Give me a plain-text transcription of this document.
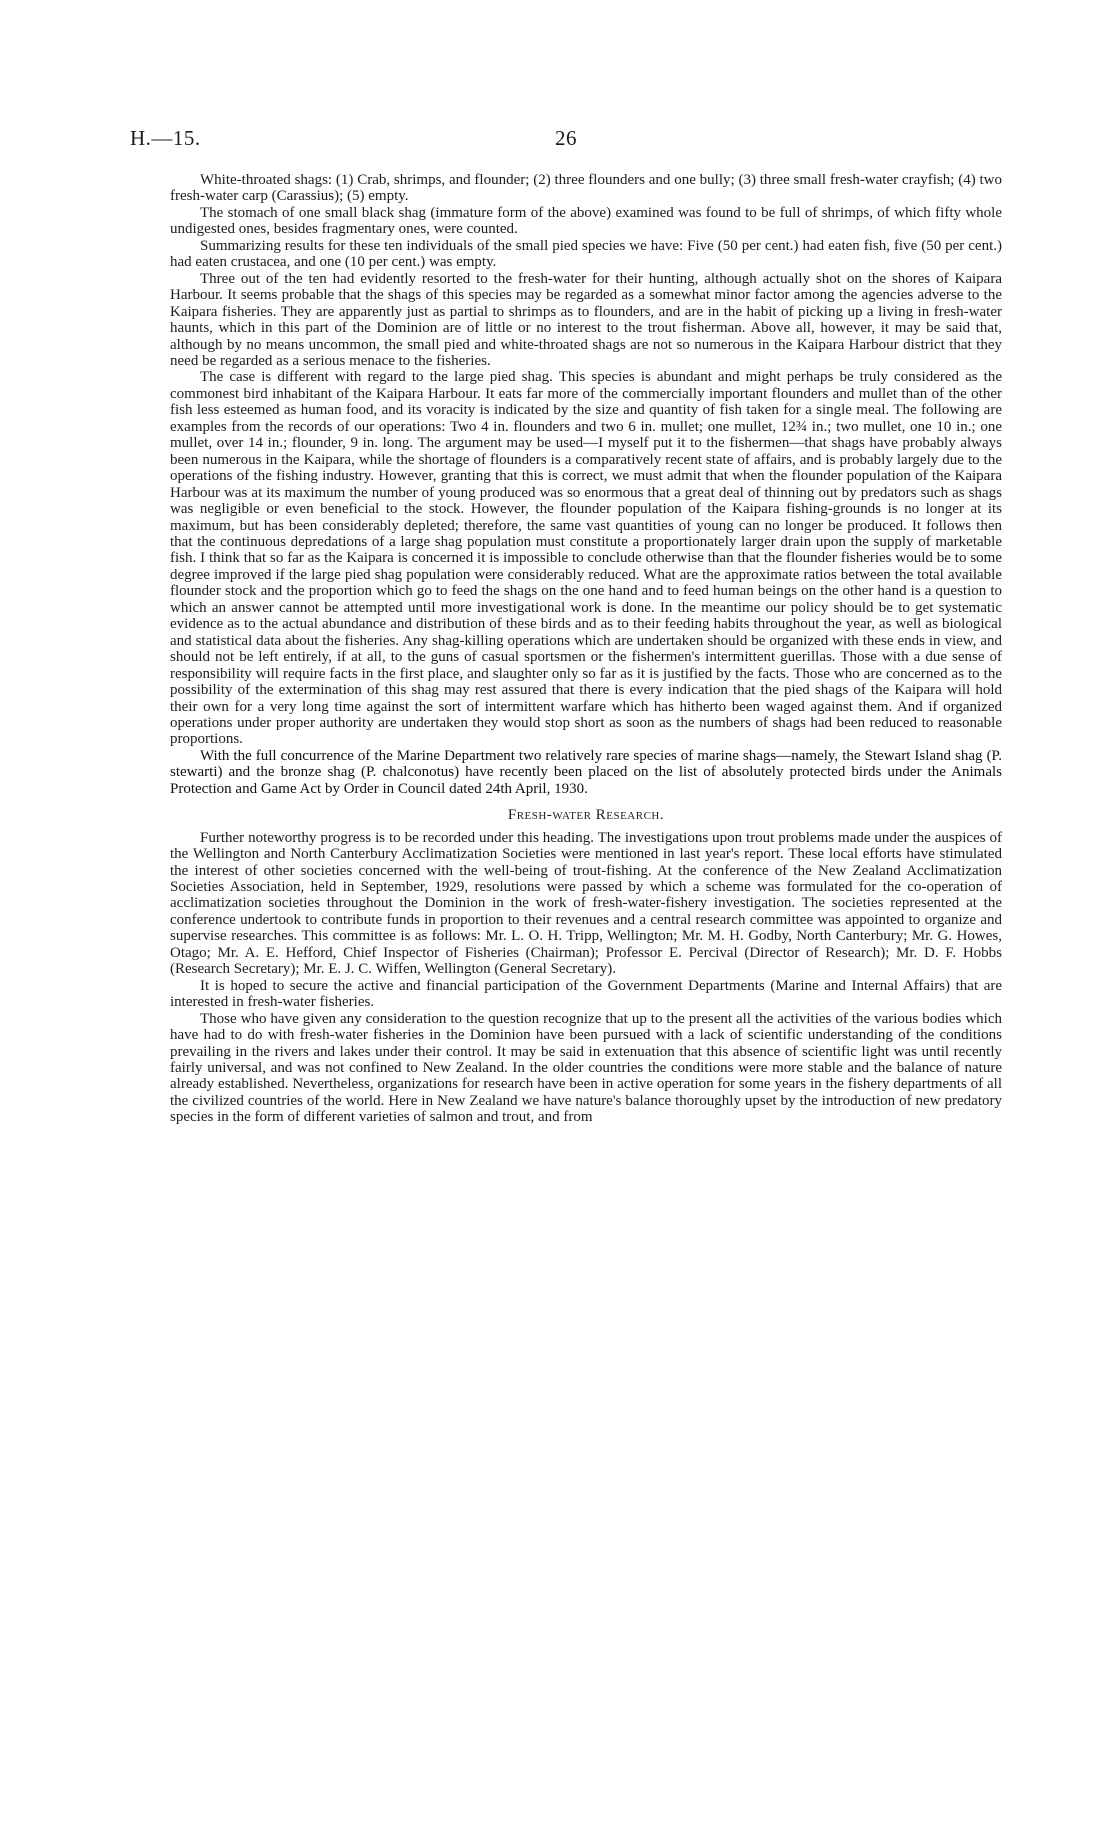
H.—15.	26

White-throated shags: (1) Crab, shrimps, and flounder; (2) three flounders and one bully; (3) three small fresh-water crayfish; (4) two fresh-water carp (Carassius); (5) empty.

The stomach of one small black shag (immature form of the above) examined was found to be full of shrimps, of which fifty whole undigested ones, besides fragmentary ones, were counted.

Summarizing results for these ten individuals of the small pied species we have: Five (50 per cent.) had eaten fish, five (50 per cent.) had eaten crustacea, and one (10 per cent.) was empty.

Three out of the ten had evidently resorted to the fresh-water for their hunting, although actually shot on the shores of Kaipara Harbour. It seems probable that the shags of this species may be regarded as a somewhat minor factor among the agencies adverse to the Kaipara fisheries. They are apparently just as partial to shrimps as to flounders, and are in the habit of picking up a living in fresh-water haunts, which in this part of the Dominion are of little or no interest to the trout fisherman. Above all, however, it may be said that, although by no means uncommon, the small pied and white-throated shags are not so numerous in the Kaipara Harbour district that they need be regarded as a serious menace to the fisheries.

The case is different with regard to the large pied shag. This species is abundant and might perhaps be truly considered as the commonest bird inhabitant of the Kaipara Harbour. It eats far more of the commercially important flounders and mullet than of the other fish less esteemed as human food, and its voracity is indicated by the size and quantity of fish taken for a single meal. The following are examples from the records of our operations: Two 4 in. flounders and two 6 in. mullet; one mullet, 12¾ in.; two mullet, one 10 in.; one mullet, over 14 in.; flounder, 9 in. long. The argument may be used—I myself put it to the fishermen—that shags have probably always been numerous in the Kaipara, while the shortage of flounders is a comparatively recent state of affairs, and is probably largely due to the operations of the fishing industry. However, granting that this is correct, we must admit that when the flounder population of the Kaipara Harbour was at its maximum the number of young produced was so enormous that a great deal of thinning out by predators such as shags was negligible or even beneficial to the stock. However, the flounder population of the Kaipara fishing-grounds is no longer at its maximum, but has been considerably depleted; therefore, the same vast quantities of young can no longer be produced. It follows then that the continuous depredations of a large shag population must constitute a proportionately larger drain upon the supply of marketable fish. I think that so far as the Kaipara is concerned it is impossible to conclude otherwise than that the flounder fisheries would be to some degree improved if the large pied shag population were considerably reduced. What are the approximate ratios between the total available flounder stock and the proportion which go to feed the shags on the one hand and to feed human beings on the other hand is a question to which an answer cannot be attempted until more investigational work is done. In the meantime our policy should be to get systematic evidence as to the actual abundance and distribution of these birds and as to their feeding habits throughout the year, as well as biological and statistical data about the fisheries. Any shag-killing operations which are undertaken should be organized with these ends in view, and should not be left entirely, if at all, to the guns of casual sportsmen or the fishermen's intermittent guerillas. Those with a due sense of responsibility will require facts in the first place, and slaughter only so far as it is justified by the facts. Those who are concerned as to the possibility of the extermination of this shag may rest assured that there is every indication that the pied shags of the Kaipara will hold their own for a very long time against the sort of intermittent warfare which has hitherto been waged against them. And if organized operations under proper authority are undertaken they would stop short as soon as the numbers of shags had been reduced to reasonable proportions.

With the full concurrence of the Marine Department two relatively rare species of marine shags—namely, the Stewart Island shag (P. stewarti) and the bronze shag (P. chalconotus) have recently been placed on the list of absolutely protected birds under the Animals Protection and Game Act by Order in Council dated 24th April, 1930.

Fresh-water Research.

Further noteworthy progress is to be recorded under this heading. The investigations upon trout problems made under the auspices of the Wellington and North Canterbury Acclimatization Societies were mentioned in last year's report. These local efforts have stimulated the interest of other societies concerned with the well-being of trout-fishing. At the conference of the New Zealand Acclimatization Societies Association, held in September, 1929, resolutions were passed by which a scheme was formulated for the co-operation of acclimatization societies throughout the Dominion in the work of fresh-water-fishery investigation. The societies represented at the conference undertook to contribute funds in proportion to their revenues and a central research committee was appointed to organize and supervise researches. This committee is as follows: Mr. L. O. H. Tripp, Wellington; Mr. M. H. Godby, North Canterbury; Mr. G. Howes, Otago; Mr. A. E. Hefford, Chief Inspector of Fisheries (Chairman); Professor E. Percival (Director of Research); Mr. D. F. Hobbs (Research Secretary); Mr. E. J. C. Wiffen, Wellington (General Secretary).

It is hoped to secure the active and financial participation of the Government Departments (Marine and Internal Affairs) that are interested in fresh-water fisheries.

Those who have given any consideration to the question recognize that up to the present all the activities of the various bodies which have had to do with fresh-water fisheries in the Dominion have been pursued with a lack of scientific understanding of the conditions prevailing in the rivers and lakes under their control. It may be said in extenuation that this absence of scientific light was until recently fairly universal, and was not confined to New Zealand. In the older countries the conditions were more stable and the balance of nature already established. Nevertheless, organizations for research have been in active operation for some years in the fishery departments of all the civilized countries of the world. Here in New Zealand we have nature's balance thoroughly upset by the introduction of new predatory species in the form of different varieties of salmon and trout, and from
